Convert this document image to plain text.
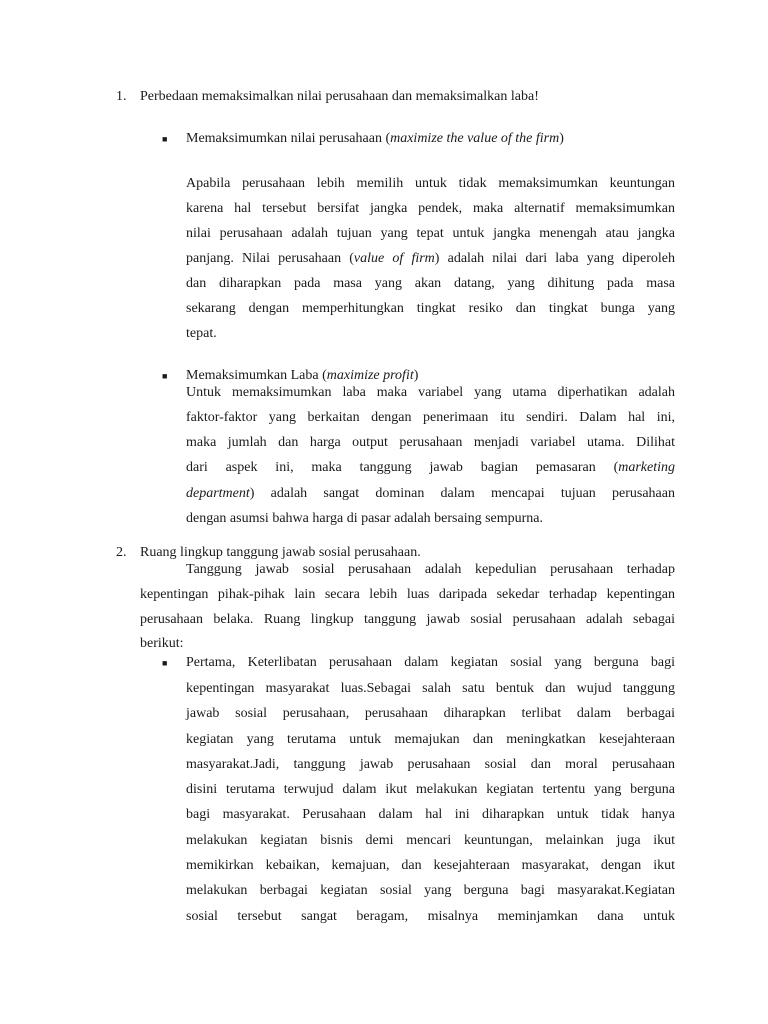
1. Perbedaan memaksimalkan nilai perusahaan dan memaksimalkan laba!
■ Memaksimumkan nilai perusahaan (maximize the value of the firm)
Apabila perusahaan lebih memilih untuk tidak memaksimumkan keuntungan
karena hal tersebut bersifat jangka pendek, maka alternatif memaksimumkan
nilai perusahaan adalah tujuan yang tepat untuk jangka menengah atau jangka
panjang. Nilai perusahaan (value of firm) adalah nilai dari laba yang diperoleh
dan diharapkan pada masa yang akan datang, yang dihitung pada masa
sekarang dengan memperhitungkan tingkat resiko dan tingkat bunga yang
tepat.
■ Memaksimumkan Laba (maximize profit)
Untuk memaksimumkan laba maka variabel yang utama diperhatikan adalah
faktor-faktor yang berkaitan dengan penerimaan itu sendiri. Dalam hal ini,
maka jumlah dan harga output perusahaan menjadi variabel utama. Dilihat
dari aspek ini, maka tanggung jawab bagian pemasaran (marketing
department) adalah sangat dominan dalam mencapai tujuan perusahaan
dengan asumsi bahwa harga di pasar adalah bersaing sempurna.
2. Ruang lingkup tanggung jawab sosial perusahaan.
Tanggung jawab sosial perusahaan adalah kepedulian perusahaan terhadap
kepentingan pihak-pihak lain secara lebih luas daripada sekedar terhadap kepentingan
perusahaan belaka. Ruang lingkup tanggung jawab sosial perusahaan adalah sebagai
berikut:
■ Pertama, Keterlibatan perusahaan dalam kegiatan sosial yang berguna bagi
kepentingan masyarakat luas.Sebagai salah satu bentuk dan wujud tanggung
jawab sosial perusahaan, perusahaan diharapkan terlibat dalam berbagai
kegiatan yang terutama untuk memajukan dan meningkatkan kesejahteraan
masyarakat.Jadi, tanggung jawab perusahaan sosial dan moral perusahaan
disini terutama terwujud dalam ikut melakukan kegiatan tertentu yang berguna
bagi masyarakat. Perusahaan dalam hal ini diharapkan untuk tidak hanya
melakukan kegiatan bisnis demi mencari keuntungan, melainkan juga ikut
memikirkan kebaikan, kemajuan, dan kesejahteraan masyarakat, dengan ikut
melakukan berbagai kegiatan sosial yang berguna bagi masyarakat.Kegiatan
sosial tersebut sangat beragam, misalnya meminjamkan dana untuk
